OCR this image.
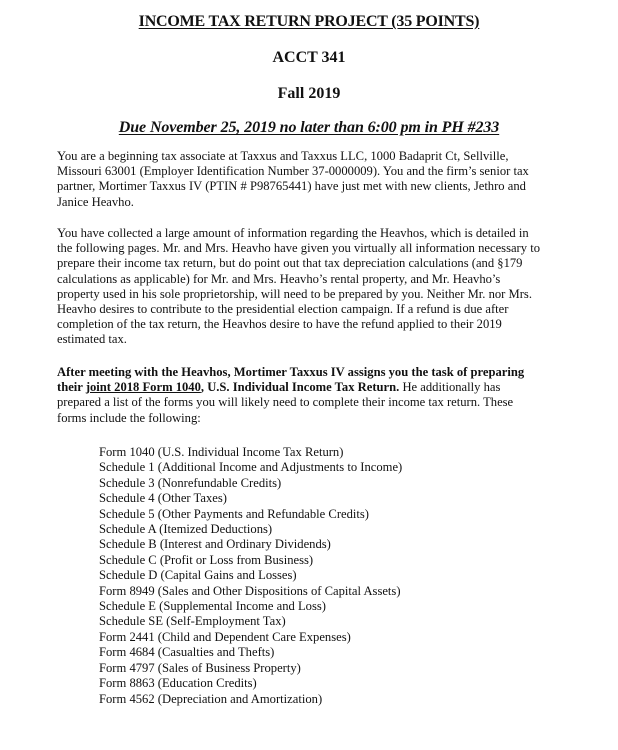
INCOME TAX RETURN PROJECT (35 POINTS)
ACCT 341
Fall 2019
Due November 25, 2019 no later than 6:00 pm in PH #233

You are a beginning tax associate at Taxxus and Taxxus LLC, 1000 Badaprit Ct, Sellville,
Missouri 63001 (Employer Identification Number 37-0000009). You and the firm’s senior tax
partner, Mortimer Taxxus IV (PTIN # P98765441) have just met with new clients, Jethro and
Janice Heavho.

You have collected a large amount of information regarding the Heavhos, which is detailed in
the following pages. Mr. and Mrs. Heavho have given you virtually all information necessary to
prepare their income tax return, but do point out that tax depreciation calculations (and §179
calculations as applicable) for Mr. and Mrs. Heavho’s rental property, and Mr. Heavho’s
property used in his sole proprietorship, will need to be prepared by you. Neither Mr. nor Mrs.
Heavho desires to contribute to the presidential election campaign. If a refund is due after
completion of the tax return, the Heavhos desire to have the refund applied to their 2019
estimated tax.

After meeting with the Heavhos, Mortimer Taxxus IV assigns you the task of preparing
their joint 2018 Form 1040, U.S. Individual Income Tax Return. He additionally has
prepared a list of the forms you will likely need to complete their income tax return. These
forms include the following:

Form 1040 (U.S. Individual Income Tax Return)
Schedule 1 (Additional Income and Adjustments to Income)
Schedule 3 (Nonrefundable Credits)
Schedule 4 (Other Taxes)
Schedule 5 (Other Payments and Refundable Credits)
Schedule A (Itemized Deductions)
Schedule B (Interest and Ordinary Dividends)
Schedule C (Profit or Loss from Business)
Schedule D (Capital Gains and Losses)
Form 8949 (Sales and Other Dispositions of Capital Assets)
Schedule E (Supplemental Income and Loss)
Schedule SE (Self-Employment Tax)
Form 2441 (Child and Dependent Care Expenses)
Form 4684 (Casualties and Thefts)
Form 4797 (Sales of Business Property)
Form 8863 (Education Credits)
Form 4562 (Depreciation and Amortization)
